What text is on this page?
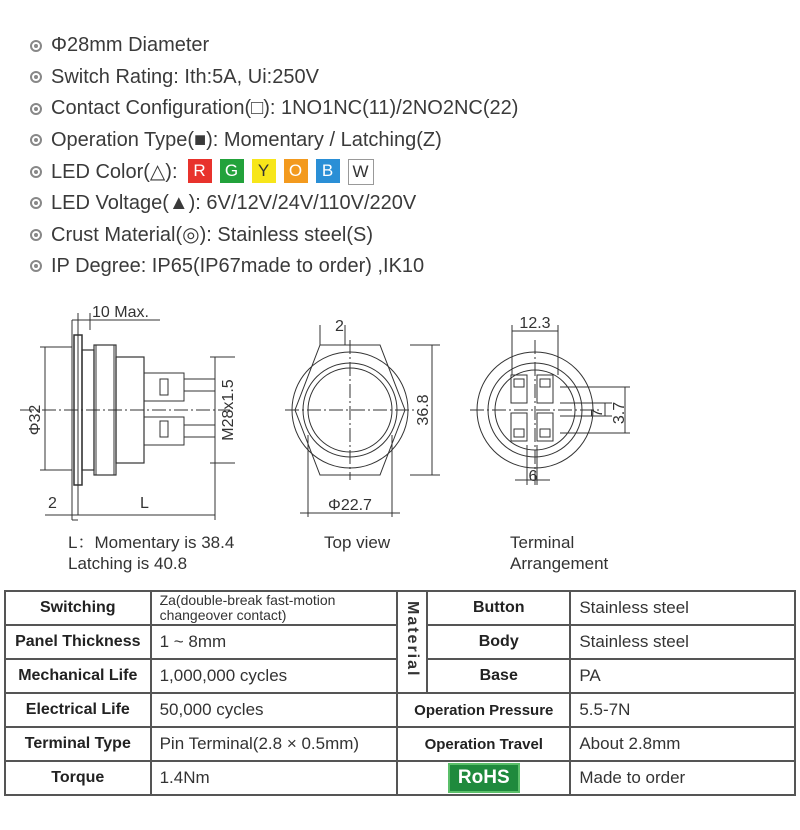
Φ28mm Diameter
Switch Rating: Ith:5A, Ui:250V
Contact Configuration(□): 1NO1NC(11)/2NO2NC(22)
Operation Type(■): Momentary / Latching(Z)
LED Color(△): R	G	Y	O	B	W
LED Voltage(▲): 6V/12V/24V/110V/220V
Crust Material(◎): Stainless steel(S)
IP Degree: IP65(IP67made to order) ,IK10
10 Max.
Φ32	M28x1.5
2	L
2
36.8
Φ22.7
12.3
7 3.7
6
L：Momentary is 38.4
Latching is 40.8
Top view	Terminal
Arrangement
Switching	Za(double-break fast-motion changeover contact)	Material	Button	Stainless steel
Panel Thickness	1 ~ 8mm		Body	Stainless steel
Mechanical Life	1,000,000 cycles		Base	PA
Electrical Life	50,000 cycles	Operation Pressure		5.5-7N
Terminal Type	Pin Terminal(2.8 × 0.5mm)	Operation Travel		About 2.8mm
Torque	1.4Nm	RoHS		Made to order
